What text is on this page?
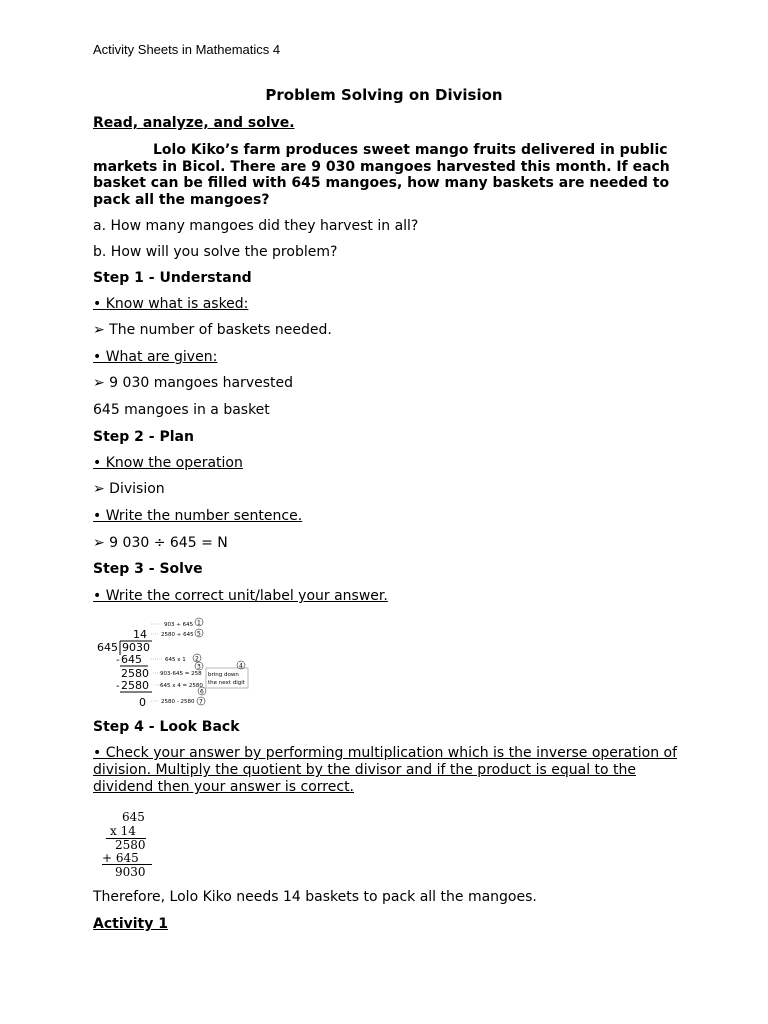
Activity Sheets in Mathematics 4
Problem Solving on Division
Read, analyze, and solve.
Lolo Kiko’s farm produces sweet mango fruits delivered in public markets in Bicol. There are 9 030 mangoes harvested this month. If each basket can be filled with 645 mangoes, how many baskets are needed to pack all the mangoes?
a. How many mangoes did they harvest in all?
b. How will you solve the problem?
Step 1 - Understand
• Know what is asked:
➢ The number of baskets needed.
• What are given:
➢ 9 030 mangoes harvested
645 mangoes in a basket
Step 2 - Plan
• Know the operation
➢ Division
• Write the number sentence.
➢ 9 030 ÷ 645 = N
Step 3 - Solve
• Write the correct unit/label your answer.
14
645 9030
- 645
2580
- 2580
0
903 ÷ 645
2580 ÷ 645
645 x 1
903-645 = 258
645 x 4 = 2580
2580 - 2580
bring down the next digit
1
5
2
3	4
6
7
Step 4 - Look Back
• Check your answer by performing multiplication which is the inverse operation of division. Multiply the quotient by the divisor and if the product is equal to the dividend then your answer is correct.
645
x 14
2580
+ 645
9030
Therefore, Lolo Kiko needs 14 baskets to pack all the mangoes.
Activity 1
